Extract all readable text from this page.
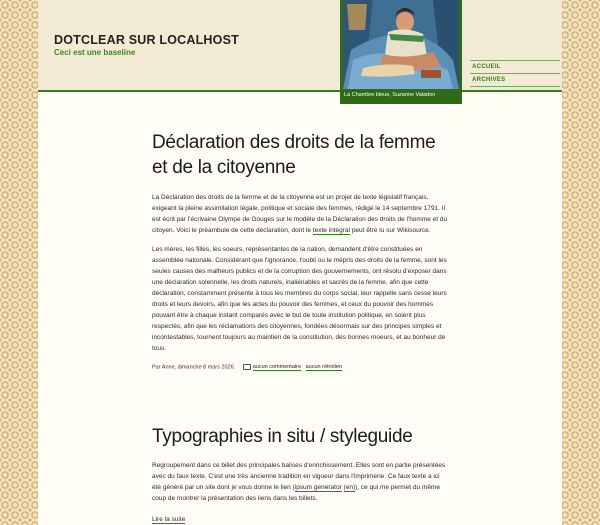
DOTCLEAR SUR LOCALHOST

Ceci est une baseline

La Chambre bleue, Suzanne Valadon
ACCUEIL
ARCHIVES
Déclaration des droits de la femme et de la citoyenne

La Déclaration des droits de la femme et de la citoyenne est un projet de texte législatif français, exigeant la pleine assimilation légale, politique et sociale des femmes, rédigé le 14 septembre 1791. Il est écrit par l'écrivaine Olympe de Gouges sur le modèle de la Déclaration des droits de l'homme et du citoyen. Voici le préambule de cette déclaration, dont le texte intégral peut être lu sur Wikisource.

Les mères, les filles, les soeurs, représentantes de la nation, demandent d'être constituées en assemblée nationale. Considérant que l'ignorance, l'oubli ou le mépris des droits de la femme, sont les seules causes des malheurs publics et de la corruption des gouvernements, ont résolu d'exposer dans une déclaration solennelle, les droits naturels, inaliénables et sacrés de la femme, afin que cette déclaration, constamment présente à tous les membres du corps social, leur rappelle sans cesse leurs droits et leurs devoirs, afin que les actes du pouvoir des femmes, et ceux du pouvoir des hommes pouvant être à chaque instant comparés avec le but de toute institution politique, en soient plus respectés, afin que les réclamations des citoyennes, fondées désormais sur des principes simples et incontestables, tournent toujours au maintien de la constitution, des bonnes moeurs, et au bonheur de tous.

Par Anne, dimanche 8 mars 2026.	aucun commentaire aucun rétrolien
Typographies in situ / styleguide

Regroupement dans ce billet des principales balises d'enrichissement. Elles sont en partie présentées avec du faux texte. C'est une très ancienne tradition en vigueur dans l'imprimerie. Ce faux texte a ici été généré par un site dont je vous donne le lien (ipsum generator (en)), ce qui me permet du même coup de montrer la présentation des liens dans les billets.

Lire la suite
